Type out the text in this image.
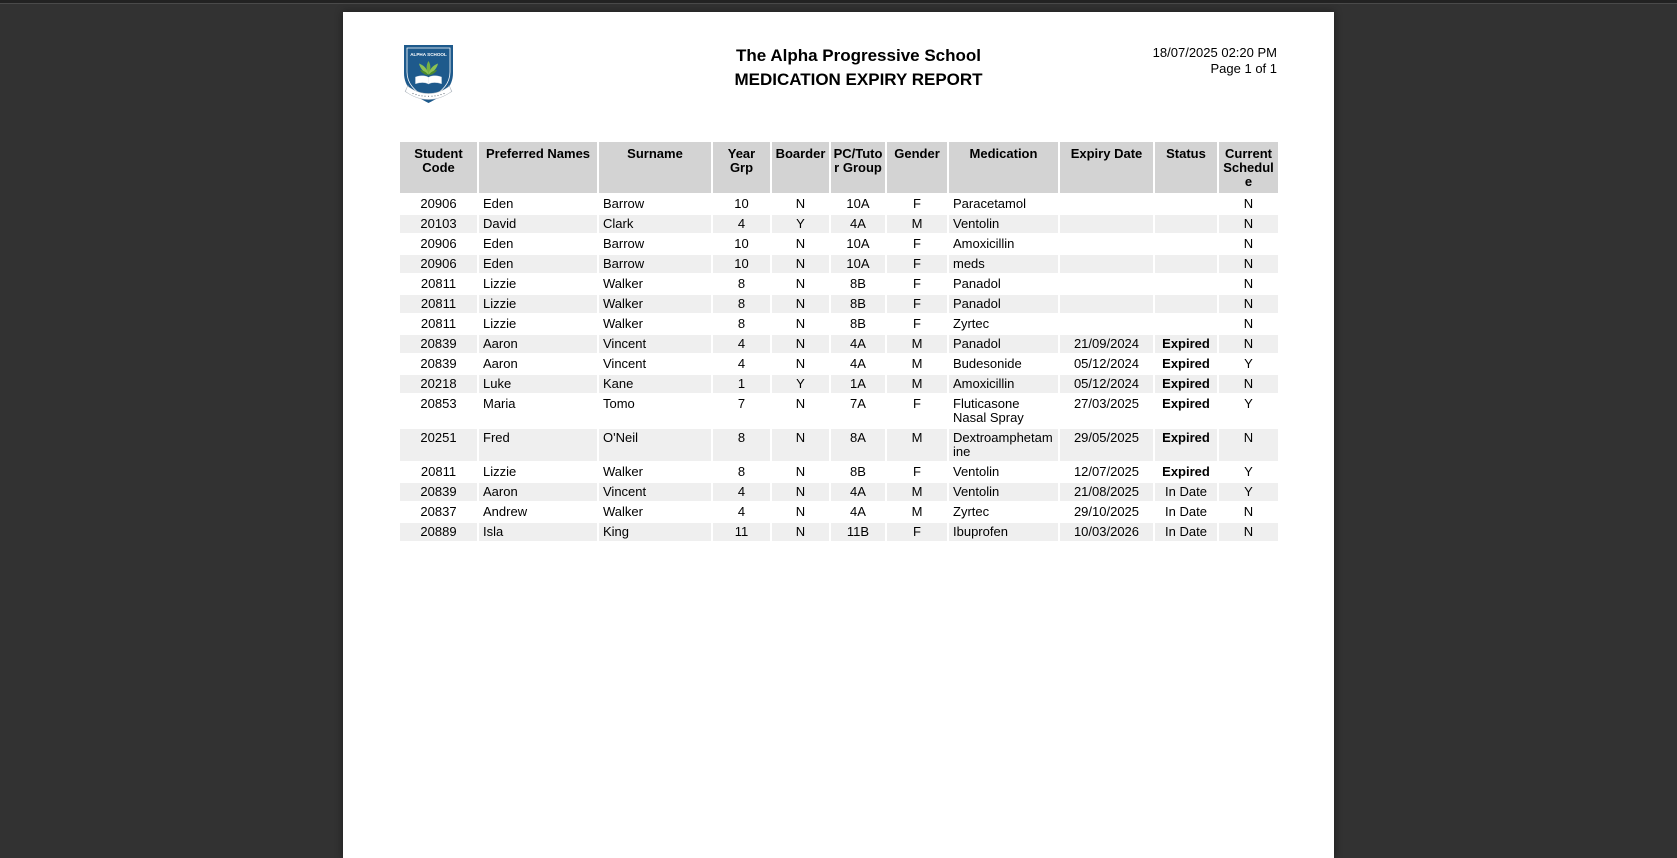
ALPHA SCHOOL	The Alpha Progressive School
MEDICATION EXPIRY REPORT
18/07/2025 02:20 PM
Page 1 of 1
Student Code	Preferred Names	Surname	Year Grp	Boarder	PC/Tutor Group	Gender	Medication	Expiry Date	Status	Current Schedule
20906	Eden	Barrow	10	N	10A	F	Paracetamol			N
20103	David	Clark	4	Y	4A	M	Ventolin			N
20906	Eden	Barrow	10	N	10A	F	Amoxicillin			N
20906	Eden	Barrow	10	N	10A	F	meds			N
20811	Lizzie	Walker	8	N	8B	F	Panadol			N
20811	Lizzie	Walker	8	N	8B	F	Panadol			N
20811	Lizzie	Walker	8	N	8B	F	Zyrtec			N
20839	Aaron	Vincent	4	N	4A	M	Panadol	21/09/2024	Expired	N
20839	Aaron	Vincent	4	N	4A	M	Budesonide	05/12/2024	Expired	Y
20218	Luke	Kane	1	Y	1A	M	Amoxicillin	05/12/2024	Expired	N
20853	Maria	Tomo	7	N	7A	F	Fluticasone Nasal Spray	27/03/2025	Expired	Y
20251	Fred	O'Neil	8	N	8A	M	Dextroamphetamine	29/05/2025	Expired	N
20811	Lizzie	Walker	8	N	8B	F	Ventolin	12/07/2025	Expired	Y
20839	Aaron	Vincent	4	N	4A	M	Ventolin	21/08/2025	In Date	Y
20837	Andrew	Walker	4	N	4A	M	Zyrtec	29/10/2025	In Date	N
20889	Isla	King	11	N	11B	F	Ibuprofen	10/03/2026	In Date	N
